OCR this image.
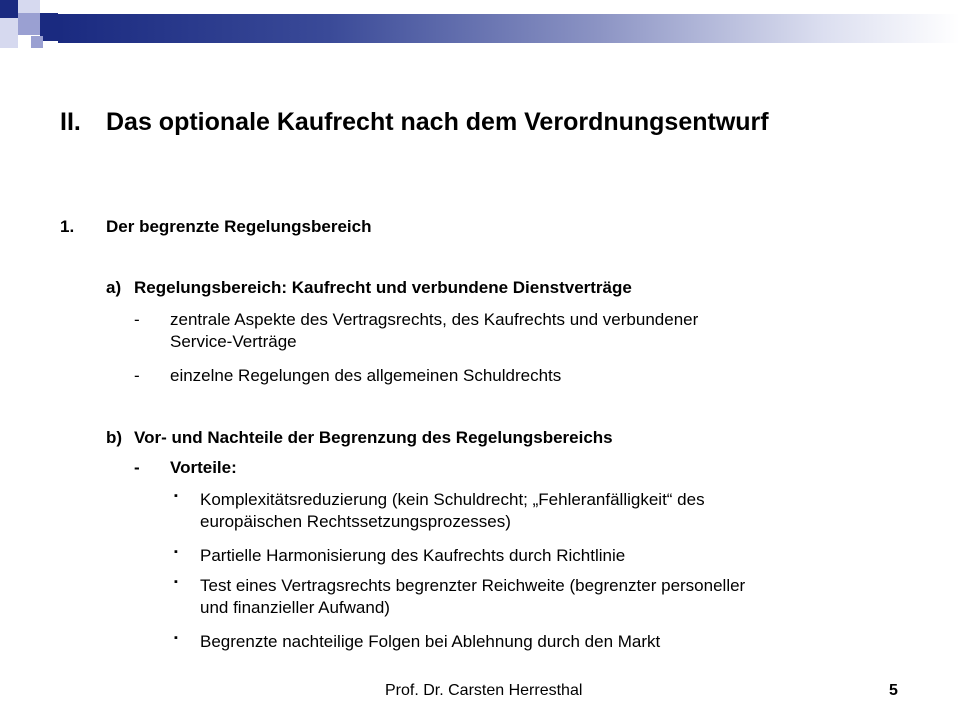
II. Das optionale Kaufrecht nach dem Verordnungsentwurf
1. Der begrenzte Regelungsbereich
a) Regelungsbereich: Kaufrecht und verbundene Dienstverträge
- zentrale Aspekte des Vertragsrechts, des Kaufrechts und verbundener
Service-Verträge
- einzelne Regelungen des allgemeinen Schuldrechts
b) Vor- und Nachteile der Begrenzung des Regelungsbereichs
- Vorteile:
▪ Komplexitätsreduzierung (kein Schuldrecht; „Fehleranfälligkeit“ des
europäischen Rechtssetzungsprozesses)
▪ Partielle Harmonisierung des Kaufrechts durch Richtlinie
▪ Test eines Vertragsrechts begrenzter Reichweite (begrenzter personeller
und finanzieller Aufwand)
▪ Begrenzte nachteilige Folgen bei Ablehnung durch den Markt
Prof. Dr. Carsten Herresthal	5
